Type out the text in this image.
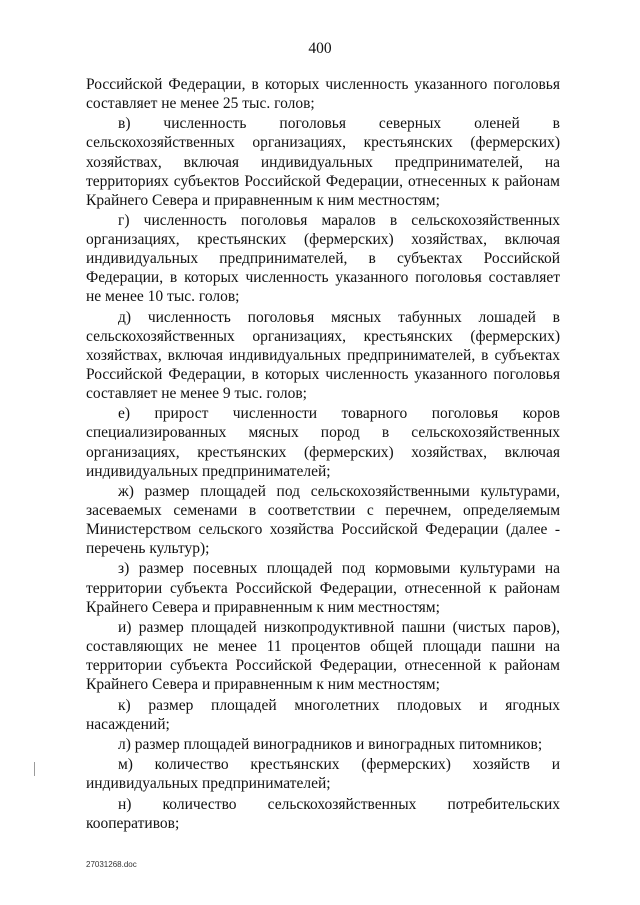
400

Российской Федерации, в которых численность указанного поголовья составляет не менее 25 тыс. голов;

в) численность поголовья северных оленей в сельскохозяйственных организациях, крестьянских (фермерских) хозяйствах, включая индивидуальных предпринимателей, на территориях субъектов Российской Федерации, отнесенных к районам Крайнего Севера и приравненным к ним местностям;

г) численность поголовья маралов в сельскохозяйственных организациях, крестьянских (фермерских) хозяйствах, включая индивидуальных предпринимателей, в субъектах Российской Федерации, в которых численность указанного поголовья составляет не менее 10 тыс. голов;

д) численность поголовья мясных табунных лошадей в сельскохозяйственных организациях, крестьянских (фермерских) хозяйствах, включая индивидуальных предпринимателей, в субъектах Российской Федерации, в которых численность указанного поголовья составляет не менее 9 тыс. голов;

е) прирост численности товарного поголовья коров специализированных мясных пород в сельскохозяйственных организациях, крестьянских (фермерских) хозяйствах, включая индивидуальных предпринимателей;

ж) размер площадей под сельскохозяйственными культурами, засеваемых семенами в соответствии с перечнем, определяемым Министерством сельского хозяйства Российской Федерации (далее - перечень культур);

з) размер посевных площадей под кормовыми культурами на территории субъекта Российской Федерации, отнесенной к районам Крайнего Севера и приравненным к ним местностям;

и) размер площадей низкопродуктивной пашни (чистых паров), составляющих не менее 11 процентов общей площади пашни на территории субъекта Российской Федерации, отнесенной к районам Крайнего Севера и приравненным к ним местностям;

к) размер площадей многолетних плодовых и ягодных насаждений;

л) размер площадей виноградников и виноградных питомников;

м) количество крестьянских (фермерских) хозяйств и индивидуальных предпринимателей;

н) количество сельскохозяйственных потребительских кооперативов;

27031268.doc
